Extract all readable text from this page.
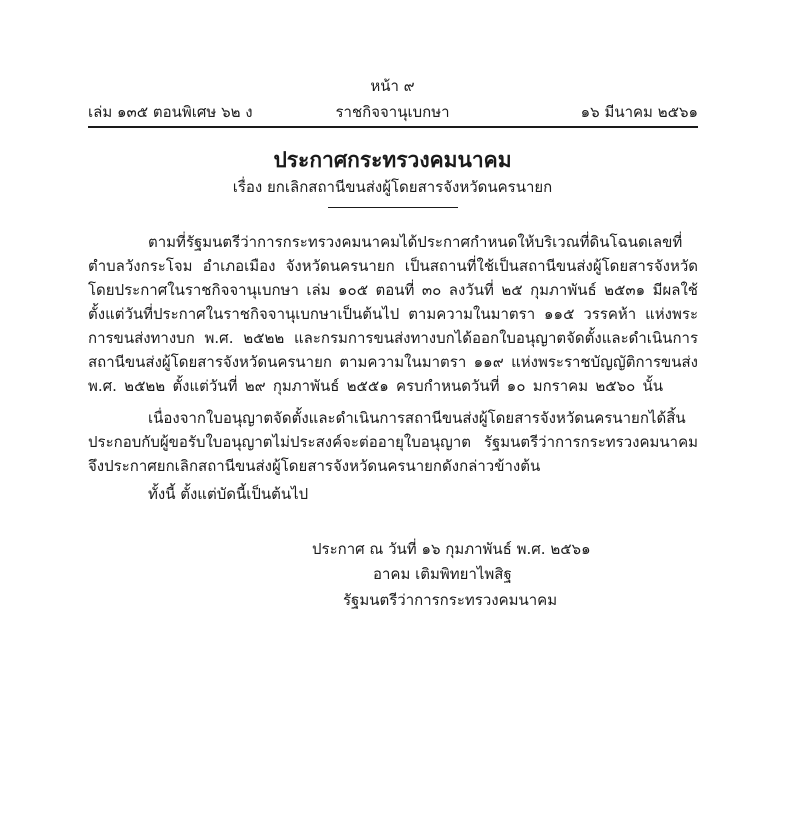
หน้า ๙
เล่ม ๑๓๕ ตอนพิเศษ ๖๒ ง	ราชกิจจานุเบกษา	๑๖ มีนาคม ๒๕๖๑
ประกาศกระทรวงคมนาคม
เรื่อง ยกเลิกสถานีขนส่งผู้โดยสารจังหวัดนครนายก
ตามที่รัฐมนตรีว่าการกระทรวงคมนาคมได้ประกาศกำหนดให้บริเวณที่ดินโฉนดเลขที่
ตำบลวังกระโจม อำเภอเมือง จังหวัดนครนายก เป็นสถานที่ใช้เป็นสถานีขนส่งผู้โดยสารจังหวัด
โดยประกาศในราชกิจจานุเบกษา เล่ม ๑๐๕ ตอนที่ ๓๐ ลงวันที่ ๒๕ กุมภาพันธ์ ๒๕๓๑ มีผลใช้
ตั้งแต่วันที่ประกาศในราชกิจจานุเบกษาเป็นต้นไป ตามความในมาตรา ๑๑๕ วรรคห้า แห่งพระ
การขนส่งทางบก พ.ศ. ๒๕๒๒ และกรมการขนส่งทางบกได้ออกใบอนุญาตจัดตั้งและดำเนินการ
สถานีขนส่งผู้โดยสารจังหวัดนครนายก ตามความในมาตรา ๑๑๙ แห่งพระราชบัญญัติการขนส่ง
พ.ศ. ๒๕๒๒ ตั้งแต่วันที่ ๒๙ กุมภาพันธ์ ๒๕๕๑ ครบกำหนดวันที่ ๑๐ มกราคม ๒๕๖๐ นั้น
เนื่องจากใบอนุญาตจัดตั้งและดำเนินการสถานีขนส่งผู้โดยสารจังหวัดนครนายกได้สิ้น
ประกอบกับผู้ขอรับใบอนุญาตไม่ประสงค์จะต่ออายุใบอนุญาต รัฐมนตรีว่าการกระทรวงคมนาคม
จึงประกาศยกเลิกสถานีขนส่งผู้โดยสารจังหวัดนครนายกดังกล่าวข้างต้น
ทั้งนี้ ตั้งแต่บัดนี้เป็นต้นไป
ประกาศ ณ วันที่ ๑๖ กุมภาพันธ์ พ.ศ. ๒๕๖๑
อาคม เติมพิทยาไพสิฐ
รัฐมนตรีว่าการกระทรวงคมนาคม
